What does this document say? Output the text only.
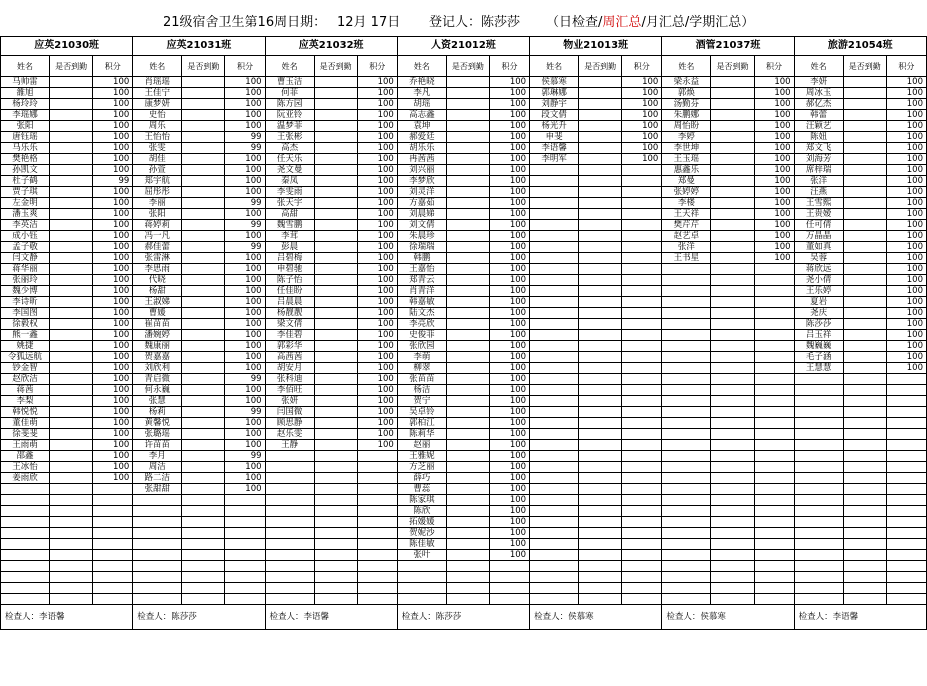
21级宿舍卫生第16周日期： 12月 17日 登记人：陈莎莎 （日检查/周汇总/月汇总/学期汇总）
应英21030班			应英21031班			应英21032班			人资21012班			物业21013班			酒管21037班			旅游21054班		
姓名	是否到勤	积分	姓名	是否到勤	积分	姓名	是否到勤	积分	姓名	是否到勤	积分	姓名	是否到勤	积分	姓名	是否到勤	积分	姓名	是否到勤	积分
马帅雷		100	肖瑶瑶		100	曹玉洁		100	乔艳晓		100	侯慕寒		100	梁永益		100	李妍		100
雒旭		100	王佳宁		100	何菲		100	李凡		100	郭琳娜		100	郭焕		100	周冰玉		100
杨玲玲		100	康梦妍		100	陈方园		100	胡瑶		100	刘静宇		100	汤勤芬		100	郝亿杰		100
李瑶娜		100	史怡		100	阮亚铃		100	高志鑫		100	段文倩		100	朱鹏娜		100	韩蕾		100
张阳		100	周乐		100	温梦菲		100	袁坤		100	杨光升		100	周怡盼		100	汪颖艺		100
唐钰瑶		100	王怡怡		99	王张彬		100	郝爱廷		100	申斐		100	李婷		100	陈妞		100
马乐乐		100	张雯		99	高杰		100	胡乐乐		100	李语馨		100	李世坤		100	郑文飞		100
樊艳格		100	胡佳		100	任天乐		100	冉茜茜		100	李明军		100	王玉瑶		100	刘海芳		100
孙凯文		100	孙萱		100	尧文曼		100	刘兴丽		100				惠鑫乐		100	席梓瑞		100
杜子鹤		99	郑宇航		100	秦凤		100	李梦欣		100				郑曼		100	张洋		100
贾子琪		100	屈彤彤		100	李雯雨		100	刘灵洋		100				张婷婷		100	汪燕		100
左金明		100	李丽		99	张天宇		100	方嘉茹		100				李楼		100	王雪熙		100
潘玉爽		100	张阳		100	高甜		100	刘晨娣		100				王天祥		100	王贵嫒		100
李英洁		100	蒋婷莉		99	魏雪鹏		100	刘文倩		100				樊芹芹		100	任可倩		100
成小钰		100	冯一凡		100	李茸		100	朱晨珍		100				赵艺卓		100	万晶晶		100
孟子敬		100	郝佳蕾		99	彭晨		100	徐瑞瑞		100				张洋		100	董如真		100
闫文静		100	张雷淋		100	吕碧梅		100	韩鹏		100				王书星		100	吴蓉		100
蒋华丽		100	李思雨		100	申碧驰		100	王嘉怡		100							蒋欣远		100
张丽玲		100	代晓		100	陈子怡		100	郑青云		100							尧小倩		100
魏少博		100	杨甜		100	任佳盼		100	肖青洋		100							王乐婷		100
李诗昕		100	王淑娣		100	吕晨晨		100	韩嘉敏		100							夏岩		100
李国图		100	曹媛		100	杨靓靓		100	陆文杰		100							尧庆		100
徐毅权		100	崔苗苗		100	梁文倩		100	李亮欣		100							陈莎莎		100
熊一鑫		100	潘婉婷		100	李佳碧		100	史俊菲		100							吕玉祥		100
姚捷		100	魏康丽		100	郭彩华		100	张欣园		100							魏巍巍		100
令狐远航		100	贺嘉嘉		100	高茜茜		100	李萌		100							毛子涵		100
钞金智		100	刘欣利		100	胡安月		100	柳翠		100							王慧慧		100
赵欣洁		100	青启微		99	张科迪		100	张苗苗		100									
蒋茜		100	何永巍		100	李佰旺		100	杨洁		100									
李梨		100	张慧		100	张妍		100	贺宁		100									
韩悦悦		100	杨莉		99	闫国微		100	吴卓铃		100									
董佳萌		100	黄馨悦		100	顾思静		100	郭柏江		100									
徐斐斐		100	张璐瑶		100	赵乐雯		100	陈莉华		100									
王雨萌		100	许苗苗		100	王静		100	赵丽		100									
邵鑫		100	李月		99				王雅妮		100									
王冰怡		100	周洁		100				方芝丽		100									
姜雨欣		100	路二洁		100				薛巧		100									
			张甜甜		100				曹蕊		100									
									陈家琪		100									
									陈欣		100									
									拓媛媛		100									
									贺妮沙		100									
									陈佳敏		100									
									张叶		100									

检查人：李语馨			检查人：陈莎莎			检查人：李语馨			检查人：陈莎莎			检查人：侯慕寒			检查人：侯慕寒			检查人：李语馨		
